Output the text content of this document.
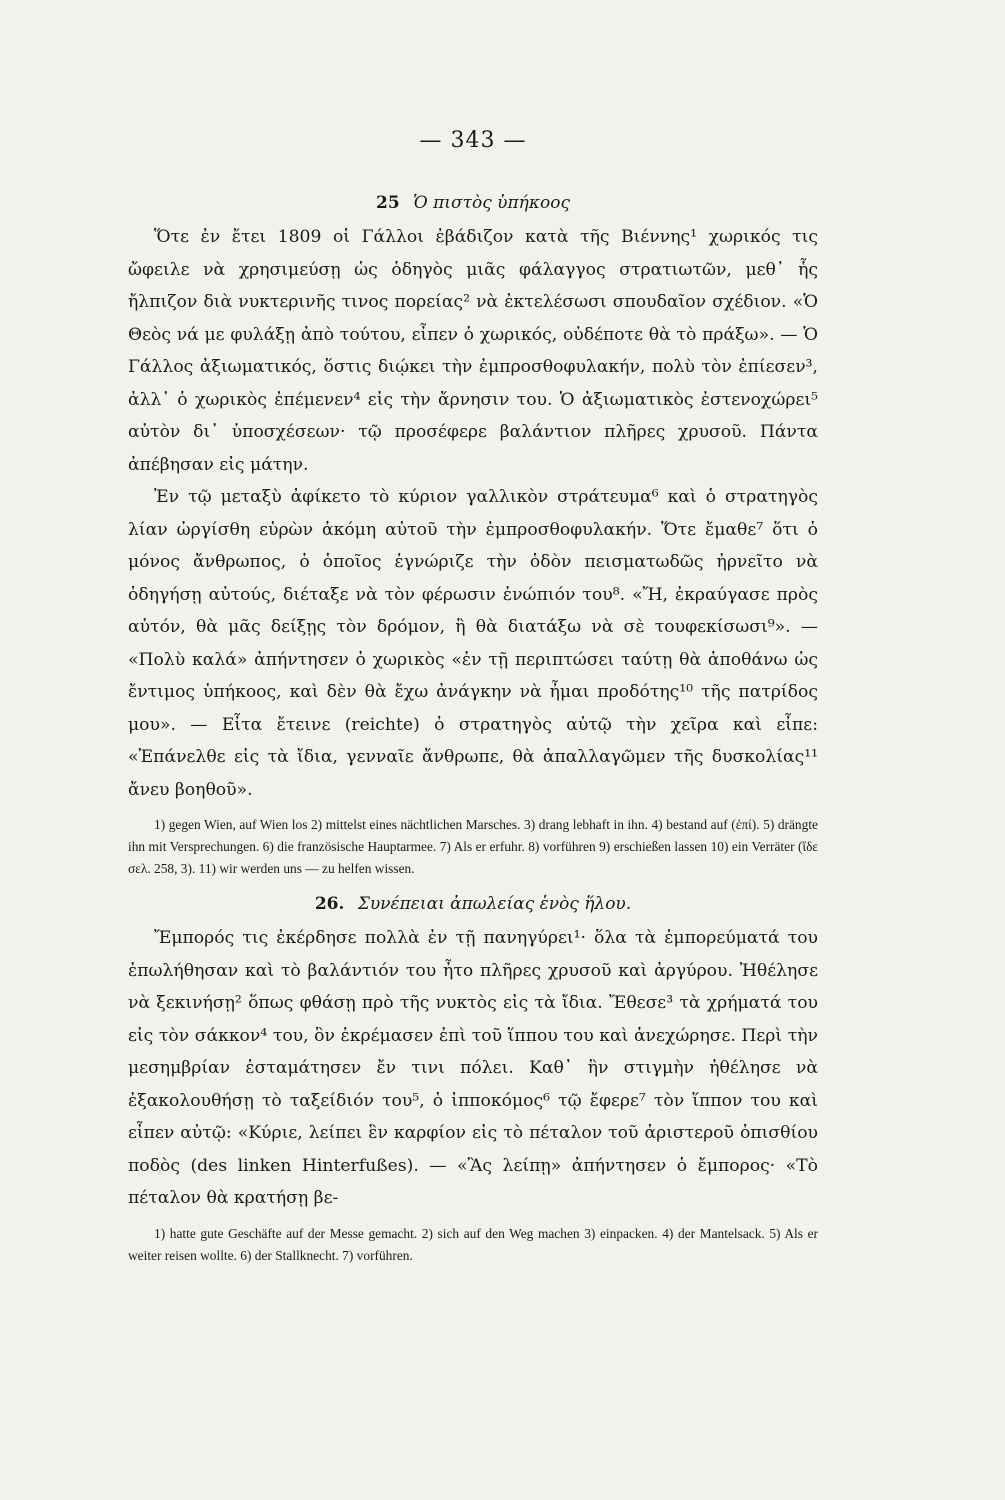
— 343 —
25 Ὁ πιστὸς ὑπήκοος

Ὅτε ἐν ἔτει 1809 οἱ Γάλλοι ἐβάδιζον κατὰ τῆς Βιέννης¹ χωρικός τις ὤφειλε νὰ χρησιμεύσῃ ὡς ὁδηγὸς μιᾶς φάλαγγος στρατιωτῶν, μεθ᾽ ἧς ἤλπιζον διὰ νυκτερινῆς τινος πορείας² νὰ ἐκτελέσωσι σπουδαῖον σχέδιον. «Ὁ Θεὸς νά με φυλάξῃ ἀπὸ τούτου, εἶπεν ὁ χωρικός, οὐδέποτε θὰ τὸ πράξω». — Ὁ Γάλλος ἀξιωματικός, ὅστις διῴκει τὴν ἐμπροσθοφυλακήν, πολὺ τὸν ἐπίεσεν³, ἀλλ᾽ ὁ χωρικὸς ἐπέμενεν⁴ εἰς τὴν ἄρνησιν του. Ὁ ἀξιωματικὸς ἐστενοχώρει⁵ αὐτὸν δι᾽ ὑποσχέσεων· τῷ προσέφερε βαλάντιον πλῆρες χρυσοῦ. Πάντα ἀπέβησαν εἰς μάτην.

Ἐν τῷ μεταξὺ ἀφίκετο τὸ κύριον γαλλικὸν στράτευμα⁶ καὶ ὁ στρατηγὸς λίαν ὠργίσθη εὑρὼν ἀκόμη αὐτοῦ τὴν ἐμπροσθοφυλακήν. Ὅτε ἔμαθε⁷ ὅτι ὁ μόνος ἄνθρωπος, ὁ ὁποῖος ἐγνώριζε τὴν ὁδὸν πεισματωδῶς ἠρνεῖτο νὰ ὁδηγήσῃ αὐτούς, διέταξε νὰ τὸν φέρωσιν ἐνώπιόν του⁸. «Ἤ, ἐκραύγασε πρὸς αὐτόν, θὰ μᾶς δείξῃς τὸν δρόμον, ἢ θὰ διατάξω νὰ σὲ τουφεκίσωσι⁹». — «Πολὺ καλά» ἀπήντησεν ὁ χωρικὸς «ἐν τῇ περιπτώσει ταύτῃ θὰ ἀποθάνω ὡς ἔντιμος ὑπήκοος, καὶ δὲν θὰ ἔχω ἀνάγκην νὰ ἦμαι προδότης¹⁰ τῆς πατρίδος μου». — Εἶτα ἔτεινε (reichte) ὁ στρατηγὸς αὐτῷ τὴν χεῖρα καὶ εἶπε: «Ἐπάνελθε εἰς τὰ ἴδια, γενναῖε ἄνθρωπε, θὰ ἀπαλλαγῶμεν τῆς δυσκολίας¹¹ ἄνευ βοηθοῦ».

1) gegen Wien, auf Wien los 2) mittelst eines nächtlichen Marsches. 3) drang lebhaft in ihn. 4) bestand auf (ἐπί). 5) drängte ihn mit Versprechungen. 6) die französische Hauptarmee. 7) Als er erfuhr. 8) vorführen 9) erschießen lassen 10) ein Verräter (ἴδε σελ. 258, 3). 11) wir werden uns — zu helfen wissen.

26. Συνέπειαι ἀπωλείας ἑνὸς ἥλου.

Ἔμπορός τις ἐκέρδησε πολλὰ ἐν τῇ πανηγύρει¹· ὅλα τὰ ἐμπορεύματά του ἐπωλήθησαν καὶ τὸ βαλάντιόν του ἦτο πλῆρες χρυσοῦ καὶ ἀργύρου. Ἠθέλησε νὰ ξεκινήσῃ² ὅπως φθάσῃ πρὸ τῆς νυκτὸς εἰς τὰ ἴδια. Ἔθεσε³ τὰ χρήματά του εἰς τὸν σάκκον⁴ του, ὃν ἐκρέμασεν ἐπὶ τοῦ ἵππου του καὶ ἀνεχώρησε. Περὶ τὴν μεσημβρίαν ἐσταμάτησεν ἔν τινι πόλει. Καθ᾽ ἣν στιγμὴν ἠθέλησε νὰ ἐξακολουθήσῃ τὸ ταξείδιόν του⁵, ὁ ἱπποκόμος⁶ τῷ ἔφερε⁷ τὸν ἵππον του καὶ εἶπεν αὐτῷ: «Κύριε, λείπει ἓν καρφίον εἰς τὸ πέταλον τοῦ ἀριστεροῦ ὀπισθίου ποδὸς (des linken Hinterfußes). — «Ἂς λείπῃ» ἀπήντησεν ὁ ἔμπορος· «Τὸ πέταλον θὰ κρατήσῃ βε-

1) hatte gute Geschäfte auf der Messe gemacht. 2) sich auf den Weg machen 3) einpacken. 4) der Mantelsack. 5) Als er weiter reisen wollte. 6) der Stallknecht. 7) vorführen.
